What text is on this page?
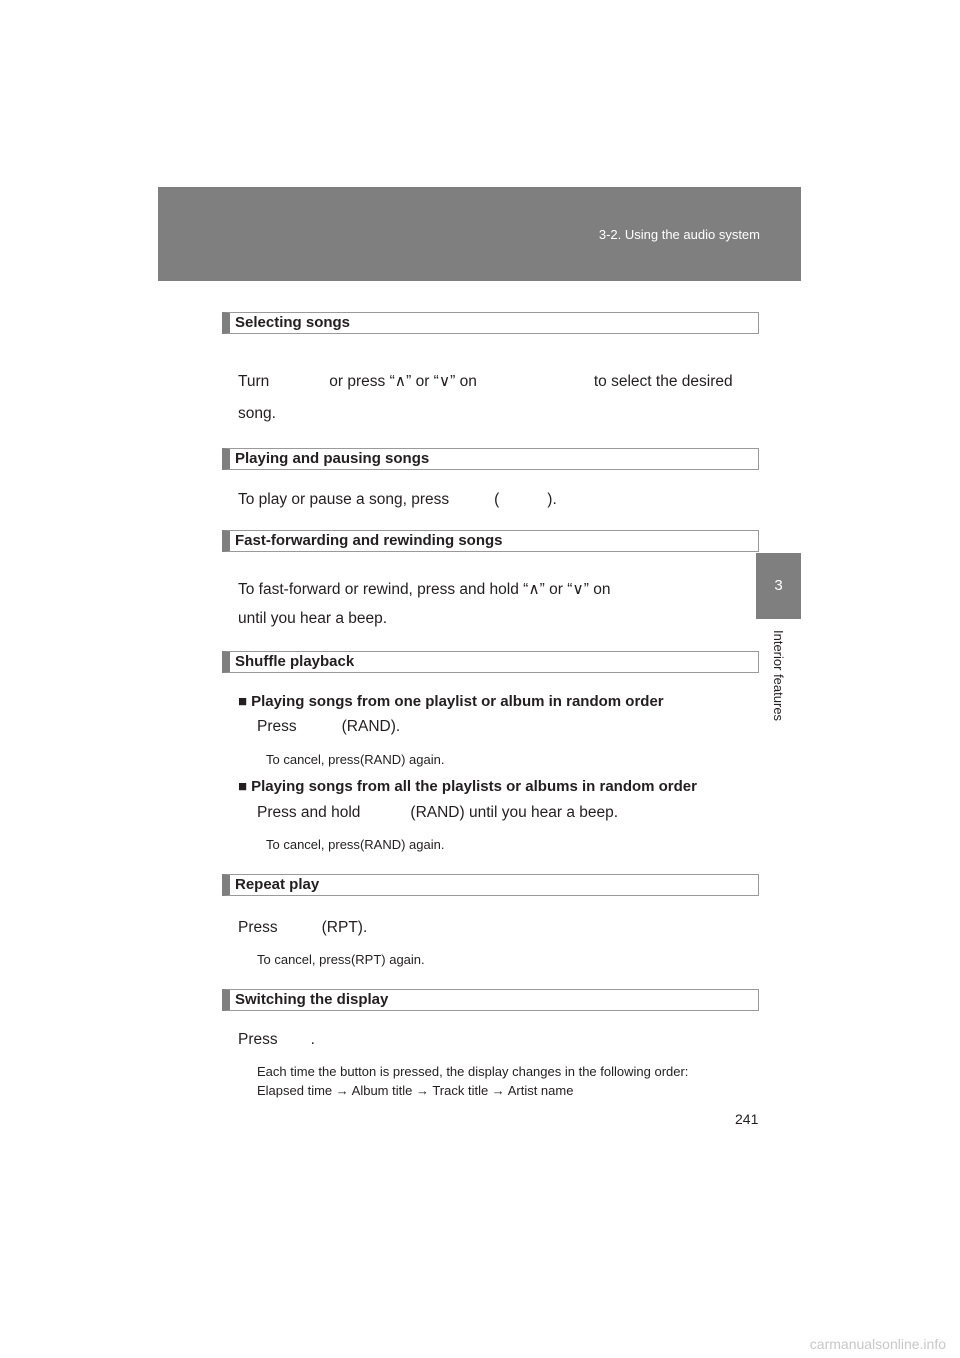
3-2. Using the audio system
3
Interior features
Selecting songs
Turn	or press “∧” or “∨” on	to select the desired
song.
Playing and pausing songs
To play or pause a song, press	(	).
Fast-forwarding and rewinding songs
To fast-forward or rewind, press and hold “∧” or “∨” on
until you hear a beep.
Shuffle playback
■ Playing songs from one playlist or album in random order
Press	(RAND).
To cancel, press(RAND) again.
■ Playing songs from all the playlists or albums in random order
Press and hold	(RAND) until you hear a beep.
To cancel, press(RAND) again.
Repeat play
Press	(RPT).
To cancel, press(RPT) again.
Switching the display
Press .
Each time the button is pressed, the display changes in the following order:
Elapsed time → Album title → Track title → Artist name
241
carmanualsonline.info
